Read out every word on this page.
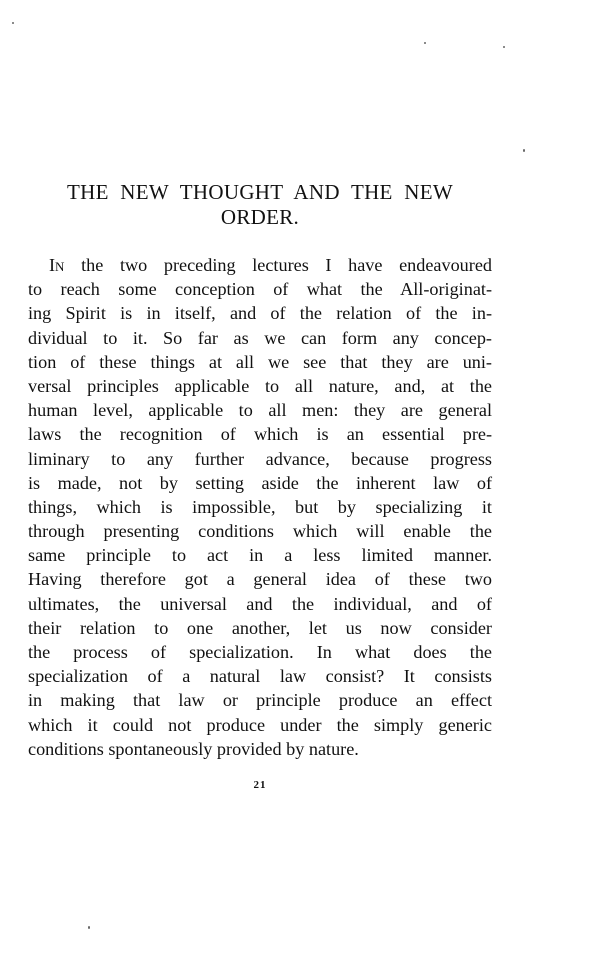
THE NEW THOUGHT AND THE NEW
ORDER.
In the two preceding lectures I have endeavoured
to reach some conception of what the All-originat-
ing Spirit is in itself, and of the relation of the in-
dividual to it. So far as we can form any concep-
tion of these things at all we see that they are uni-
versal principles applicable to all nature, and, at the
human level, applicable to all men: they are general
laws the recognition of which is an essential pre-
liminary to any further advance, because progress
is made, not by setting aside the inherent law of
things, which is impossible, but by specializing it
through presenting conditions which will enable the
same principle to act in a less limited manner.
Having therefore got a general idea of these two
ultimates, the universal and the individual, and of
their relation to one another, let us now consider
the process of specialization. In what does the
specialization of a natural law consist? It consists
in making that law or principle produce an effect
which it could not produce under the simply generic
conditions spontaneously provided by nature.
21
